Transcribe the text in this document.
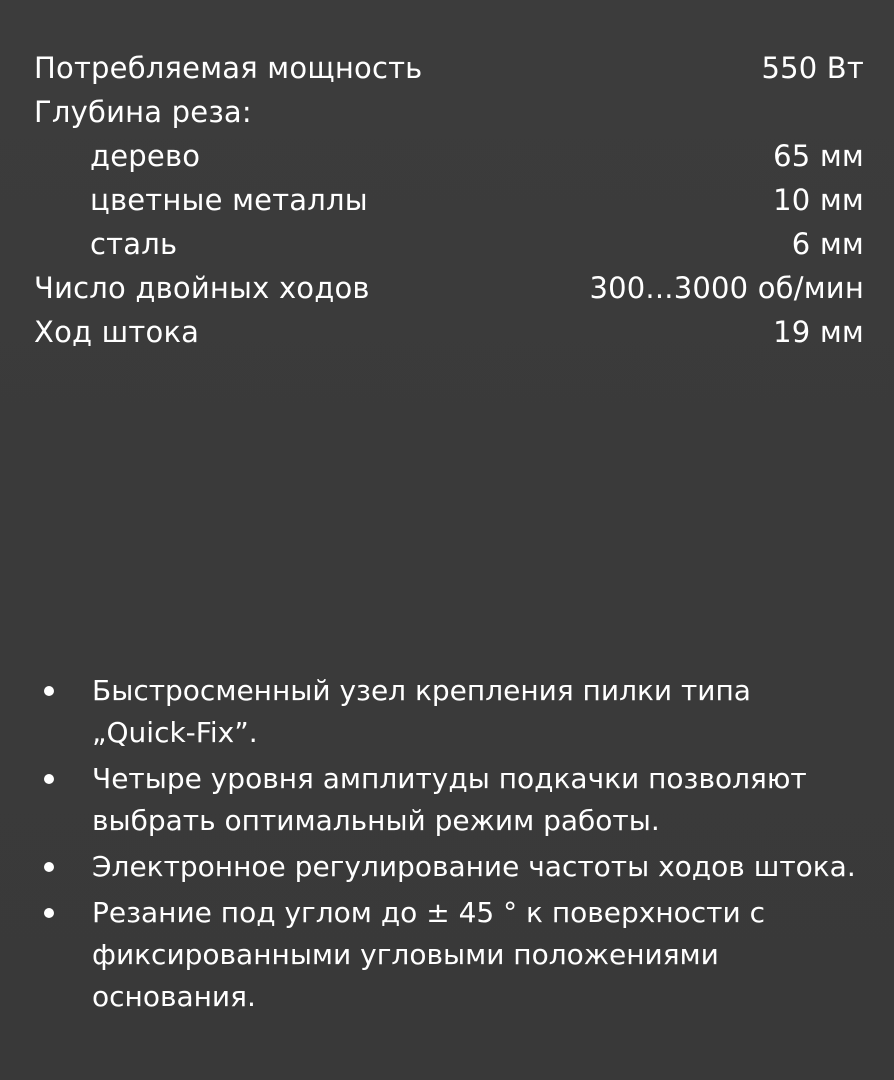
Потребляемая мощность	550 Вт
Глубина реза:
дерево	65 мм
цветные металлы	10 мм
сталь	6 мм
Число двойных ходов	300...3000 об/мин
Ход штока	19 мм
Быстросменный узел крепления пилки типа „Quick-Fix”.
Четыре уровня амплитуды подкачки позволяют выбрать оптимальный режим работы.
Электронное регулирование частоты ходов штока.
Резание под углом до ± 45 ° к поверхности с фиксированными угловыми положениями основания.
